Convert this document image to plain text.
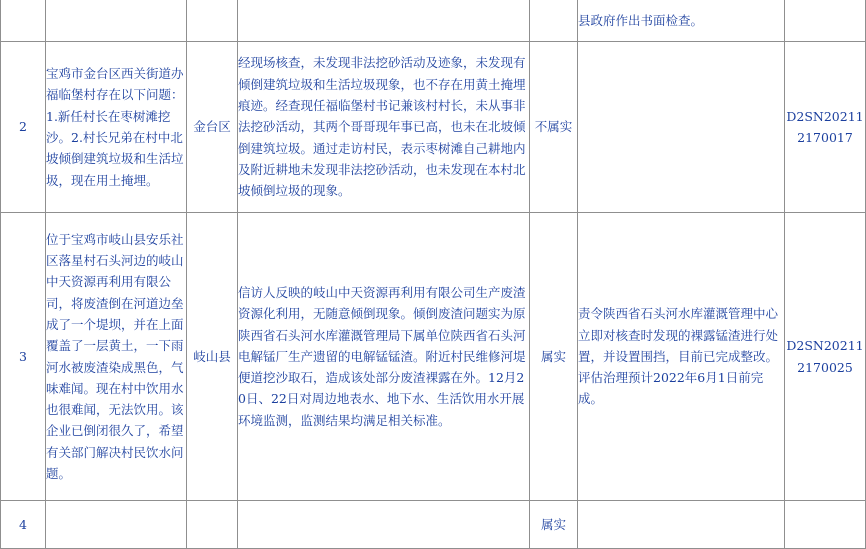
					县政府作出书面检查。	
2	宝鸡市金台区西关街道办福临堡村存在以下问题：1.新任村长在枣树滩挖沙。2.村长兄弟在村中北坡倾倒建筑垃圾和生活垃圾，现在用土掩埋。	金台区	经现场核查，未发现非法挖砂活动及迹象，未发现有倾倒建筑垃圾和生活垃圾现象，也不存在用黄土掩埋痕迹。经查现任福临堡村书记兼该村村长，未从事非法挖砂活动，其两个哥哥现年事已高，也未在北坡倾倒建筑垃圾。通过走访村民，表示枣树滩自己耕地内及附近耕地未发现非法挖砂活动，也未发现在本村北坡倾倒垃圾的现象。	不属实		D2SN202112170017
3	位于宝鸡市岐山县安乐社区落星村石头河边的岐山中天资源再利用有限公司，将废渣倒在河道边垒成了一个堤坝，并在上面覆盖了一层黄土，一下雨河水被废渣染成黑色，气味难闻。现在村中饮用水也很难闻，无法饮用。该企业已倒闭很久了，希望有关部门解决村民饮水问题。	岐山县	信访人反映的岐山中天资源再利用有限公司生产废渣资源化利用，无随意倾倒现象。倾倒废渣问题实为原陕西省石头河水库灌溉管理局下属单位陕西省石头河电解锰厂生产遗留的电解锰锰渣。附近村民维修河堤便道挖沙取石，造成该处部分废渣裸露在外。12月20日、22日对周边地表水、地下水、生活饮用水开展环境监测，监测结果均满足相关标准。	属实	责令陕西省石头河水库灌溉管理中心立即对核查时发现的裸露锰渣进行处置，并设置围挡，目前已完成整改。评估治理预计2022年6月1日前完成。	D2SN202112170025
4				属实	
